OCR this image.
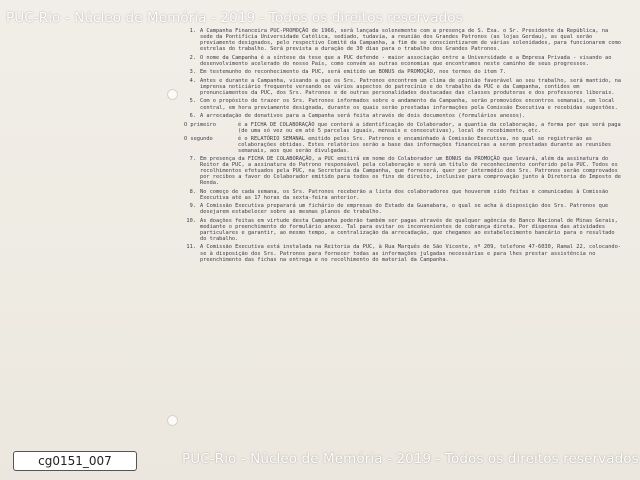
1. A Campanha Financeira PUC-PROMOÇÃO de 1966, será lançada solenemente com a presença de S. Exa. o Sr. Presidente da República, na sede da Pontifícia Universidade Católica, sediado, tudavia, a reunião dos Grandes Patronos (as lojas Gerdau), as qual serão previamente designados, pelo respectivo Comitê da Campanha, a fim de se conscientizarem de várias solenidades, para funcionarem como estrelas do trabalho. Será prevista a duração de 30 dias para o trabalho dos Grandes Patronos.
2. O nome da Campanha é a síntese da tese que a PUC defende - maior associação entre a Universidade e a Empresa Privada - visando ao desenvolvimento acelerado do nosso País, como convém as outras economias que encontramos neste caminho de seus progressos.
3. Em testemunho do reconhecimento da PUC, será emitido um BONUS da PROMOÇÃO, nos termos do item 7.
4. Antes e durante a Campanha, visando a que os Srs. Patronos encontrem um clima de opinião favorável ao seu trabalho, será mantido, na imprensa noticiário frequente versando os vários aspectos do patrocínio e do trabalho da PUC e da Campanha, contidos em pronunciamentos da PUC, dos Srs. Patronos e de outras personalidades destacadas das classes produtoras e dos professores liberais.
5. Com o propósito de trazer os Srs. Patronos informados sobre o andamento da Campanha, serão promovidos encontros semanais, em local central, em hora previamente designada, durante os quais serão prestadas informações pela Comissão Executiva e recebidas sugestões.
6. A arrecadação de donativos para a Campanha será feita através de dois documentos (formulários anexos).
O primeiro	é a FICHA DE COLABORAÇÃO que conterá a identificação do Colaborador, a quantia da colaboração, a forma por que será paga (de uma só vez ou em até 5 parcelas iguais, mensais e consecutivas), local de recebimento, etc.
O segundo	é o RELATÓRIO SEMANAL emitido pelos Srs. Patronos e encaminhado à Comissão Executiva, no qual se registrarão as colaborações obtidas. Estes relatórios serão a base das informações financeiras a serem prestadas durante as reuniões semanais, aos que serão divulgadas.
7. Em presença da FICHA DE COLABORAÇÃO, a PUC emitirá em nome do Colaborador um BONUS da PROMOÇÃO que levará, além da assinatura do Reitor da PUC, a assinatura do Patrono responsável pela colaboração e será um título de reconhecimento conferido pela PUC. Todos os recolhimentos efetuados pela PUC, na Secretaria da Campanha, que fornecerá, quer por intermédio dos Srs. Patronos serão comprovados por recibos a favor do Colaborador emitido para todos os fins de direito, inclusive para comprovação junto à Diretoria do Imposto de Renda.
8. No começo de cada semana, os Srs. Patronos receberão a lista dos colaboradores que houverem sido feitas e comunicadas à Comissão Executiva até as 17 horas da sexta-feira anterior.
9. A Comissão Executiva preparará um fichário de empresas do Estado da Guanabara, o qual se acha à disposição dos Srs. Patronos que desejarem estabelecer sobre as mesmas planos de trabalho.
10. As doações feitas em virtude desta Campanha poderão também ser pagas através de qualquer agência do Banco Nacional de Minas Gerais, mediante o preenchimento do formulário anexo. Tal para evitar os inconvenientes de cobrança direta. Por dispensa das atividades particulares e garantir, ao mesmo tempo, a centralização da arrecadação, que chegamos ao estabelecimento bancário para o resultado do trabalho.
11. A Comissão Executiva está instalada na Reitoria da PUC, à Rua Marquês de São Vicente, nº 209, telefone 47-6030, Ramal 22, colocando-se à disposição dos Srs. Patronos para fornecer todas as informações julgadas necessárias e para lhes prestar assistência no preenchimento das fichas na entrega e no recolhimento do material da Campanha.
PUC-Rio - Núcleo de Memória - 2019 - Todos os direitos reservados
PUC-Rio - Núcleo de Memória - 2019 - Todos os direitos reservados
cg0151_007
